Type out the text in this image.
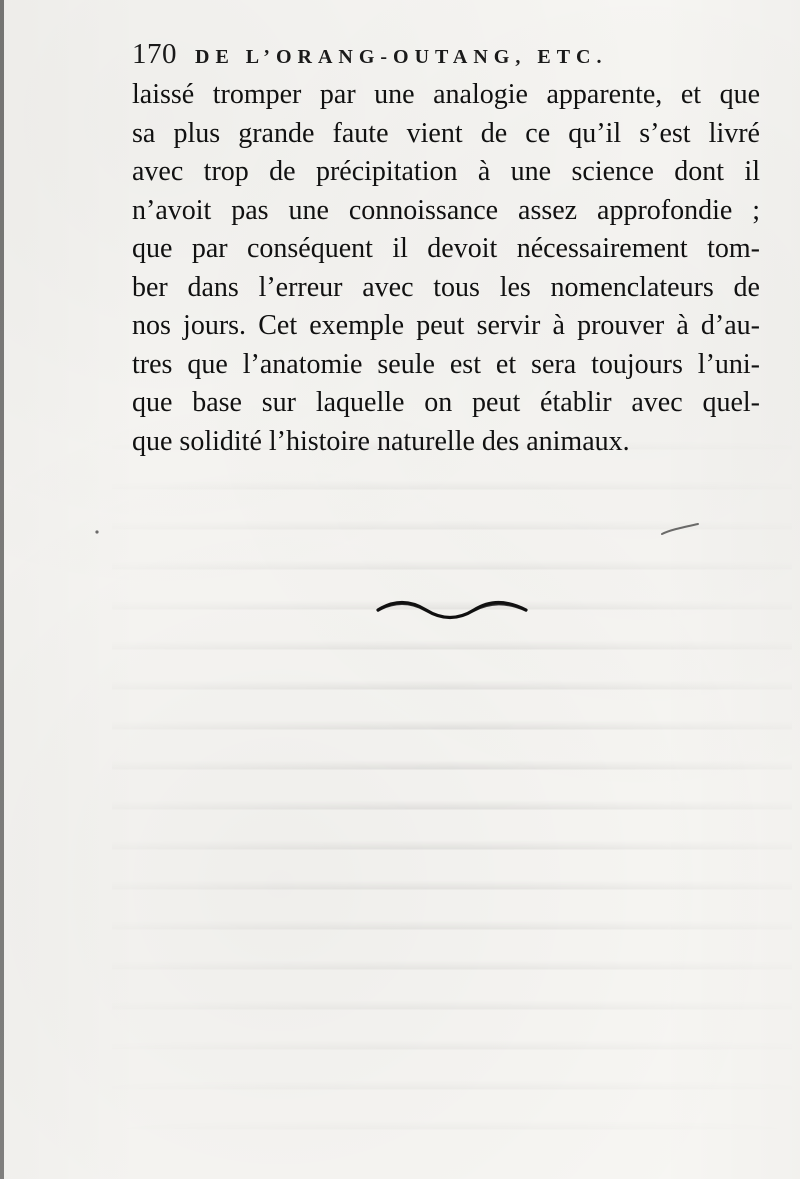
170 DE L’ORANG-OUTANG, ETC.
laissé tromper par une analogie apparente, et que
sa plus grande faute vient de ce qu’il s’est livré
avec trop de précipitation à une science dont il
n’avoit pas une connoissance assez approfondie ;
que par conséquent il devoit nécessairement tom-
ber dans l’erreur avec tous les nomenclateurs de
nos jours. Cet exemple peut servir à prouver à d’au-
tres que l’anatomie seule est et sera toujours l’uni-
que base sur laquelle on peut établir avec quel-
que solidité l’histoire naturelle des animaux.
